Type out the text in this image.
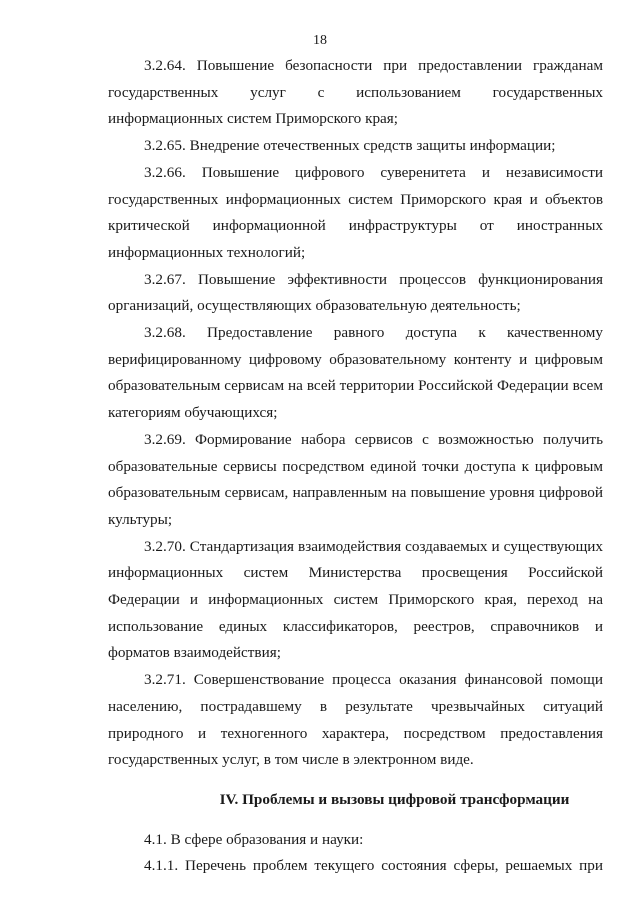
18

3.2.64. Повышение безопасности при предоставлении гражданам государственных услуг с использованием государственных информационных систем Приморского края;

3.2.65. Внедрение отечественных средств защиты информации;

3.2.66. Повышение цифрового суверенитета и независимости государственных информационных систем Приморского края и объектов критической информационной инфраструктуры от иностранных информационных технологий;

3.2.67. Повышение эффективности процессов функционирования организаций, осуществляющих образовательную деятельность;

3.2.68. Предоставление равного доступа к качественному верифицированному цифровому образовательному контенту и цифровым образовательным сервисам на всей территории Российской Федерации всем категориям обучающихся;

3.2.69. Формирование набора сервисов с возможностью получить образовательные сервисы посредством единой точки доступа к цифровым образовательным сервисам, направленным на повышение уровня цифровой культуры;

3.2.70. Стандартизация взаимодействия создаваемых и существующих информационных систем Министерства просвещения Российской Федерации и информационных систем Приморского края, переход на использование единых классификаторов, реестров, справочников и форматов взаимодействия;

3.2.71. Совершенствование процесса оказания финансовой помощи населению, пострадавшему в результате чрезвычайных ситуаций природного и техногенного характера, посредством предоставления государственных услуг, в том числе в электронном виде.

IV. Проблемы и вызовы цифровой трансформации

4.1. В сфере образования и науки:

4.1.1. Перечень проблем текущего состояния сферы, решаемых при
